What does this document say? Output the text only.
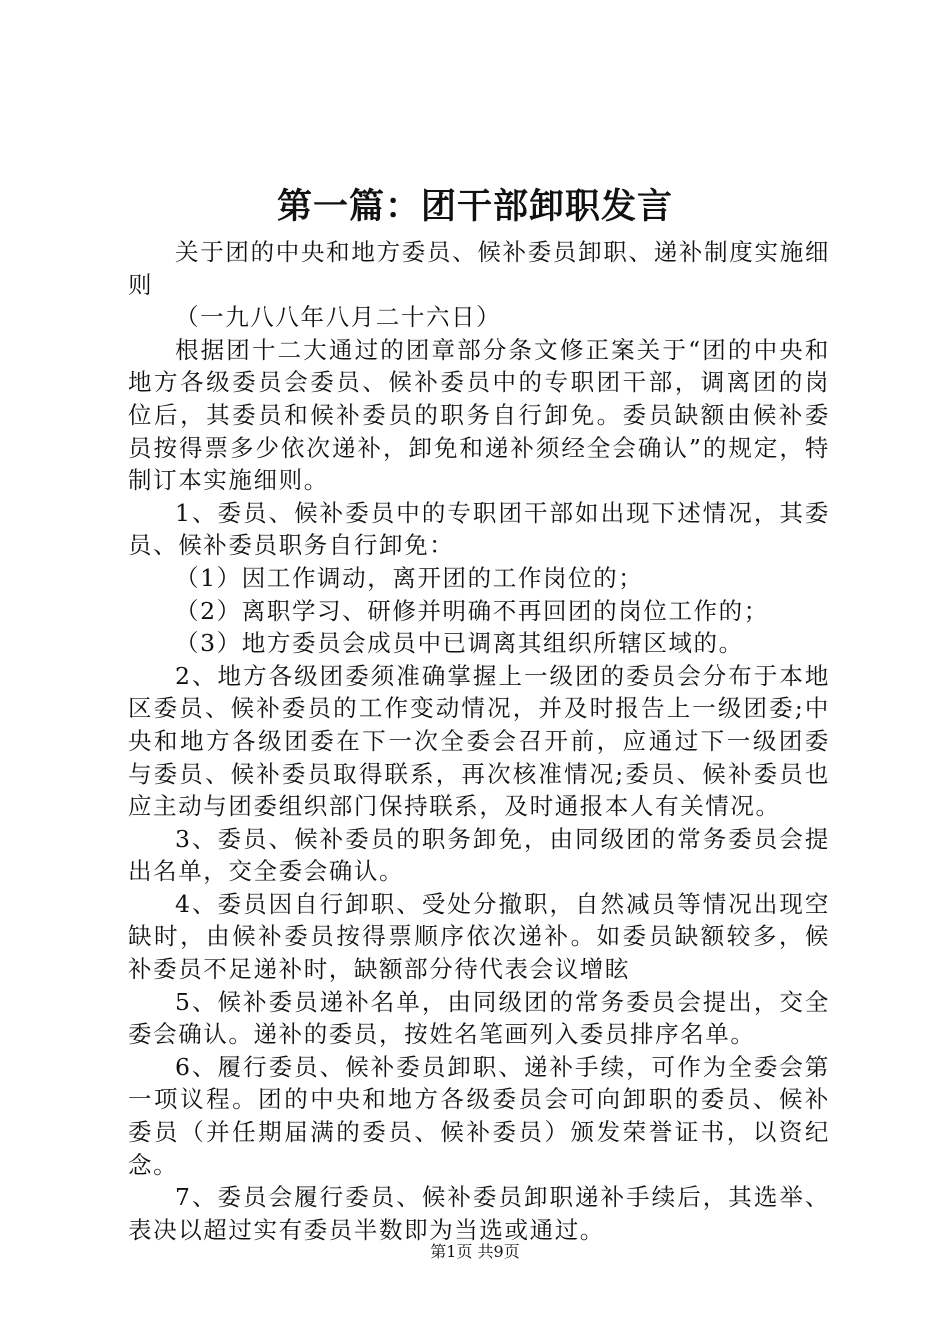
第一篇：团干部卸职发言

关于团的中央和地方委员、候补委员卸职、递补制度实施细则

（一九八八年八月二十六日）

根据团十二大通过的团章部分条文修正案关于“团的中央和地方各级委员会委员、候补委员中的专职团干部，调离团的岗位后，其委员和候补委员的职务自行卸免。委员缺额由候补委员按得票多少依次递补，卸免和递补须经全会确认”的规定，特制订本实施细则。

1、委员、候补委员中的专职团干部如出现下述情况，其委员、候补委员职务自行卸免：

（1）因工作调动，离开团的工作岗位的；

（2）离职学习、研修并明确不再回团的岗位工作的；

（3）地方委员会成员中已调离其组织所辖区域的。

2、地方各级团委须准确掌握上一级团的委员会分布于本地区委员、候补委员的工作变动情况，并及时报告上一级团委;中央和地方各级团委在下一次全委会召开前，应通过下一级团委与委员、候补委员取得联系，再次核准情况;委员、候补委员也应主动与团委组织部门保持联系，及时通报本人有关情况。

3、委员、候补委员的职务卸免，由同级团的常务委员会提出名单，交全委会确认。

4、委员因自行卸职、受处分撤职，自然减员等情况出现空缺时，由候补委员按得票顺序依次递补。如委员缺额较多，候补委员不足递补时，缺额部分待代表会议增眩

5、候补委员递补名单，由同级团的常务委员会提出，交全委会确认。递补的委员，按姓名笔画列入委员排序名单。

6、履行委员、候补委员卸职、递补手续，可作为全委会第一项议程。团的中央和地方各级委员会可向卸职的委员、候补委员（并任期届满的委员、候补委员）颁发荣誉证书，以资纪念。

7、委员会履行委员、候补委员卸职递补手续后，其选举、表决以超过实有委员半数即为当选或通过。

第1页 共9页
